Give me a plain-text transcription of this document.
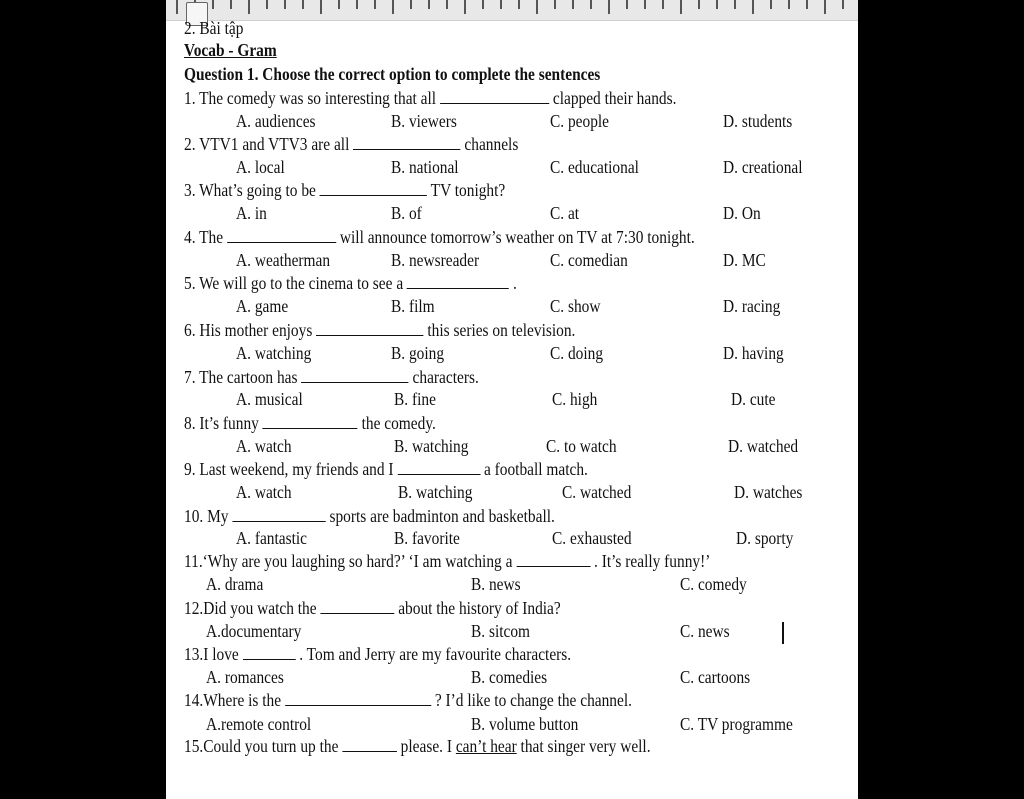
2. Bài tập
Vocab - Gram
Question 1. Choose the correct option to complete the sentences
1. The comedy was so interesting that all	clapped their hands.
A. audiences	B. viewers	C. people	D. students
2. VTV1 and VTV3 are all	channels
A. local	B. national	C. educational	D. creational
3. What’s going to be	TV tonight?
A. in	B. of	C. at	D. On
4. The	will announce tomorrow’s weather on TV at 7:30 tonight.
A. weatherman	B. newsreader	C. comedian	D. MC
5. We will go to the cinema to see a	.
A. game	B. film	C. show	D. racing
6. His mother enjoys	this series on television.
A. watching	B. going	C. doing	D. having
7. The cartoon has	characters.
A. musical	B. fine	C. high	D. cute
8. It’s funny	the comedy.
A. watch	B. watching	C. to watch	D. watched
9. Last weekend, my friends and I	a football match.
A. watch	B. watching	C. watched	D. watches
10. My	sports are badminton and basketball.
A. fantastic	B. favorite	C. exhausted	D. sporty
11.‘Why are you laughing so hard?’ ‘I am watching a	. It’s really funny!’
A. drama	B. news	C. comedy
12.Did you watch the	about the history of India?
A.documentary	B. sitcom	C. news
13.I love	. Tom and Jerry are my favourite characters.
A. romances	B. comedies	C. cartoons
14.Where is the	? I’d like to change the channel.
A.remote control	B. volume button	C. TV programme
15.Could you turn up the	please. I can’t hear that singer very well.
